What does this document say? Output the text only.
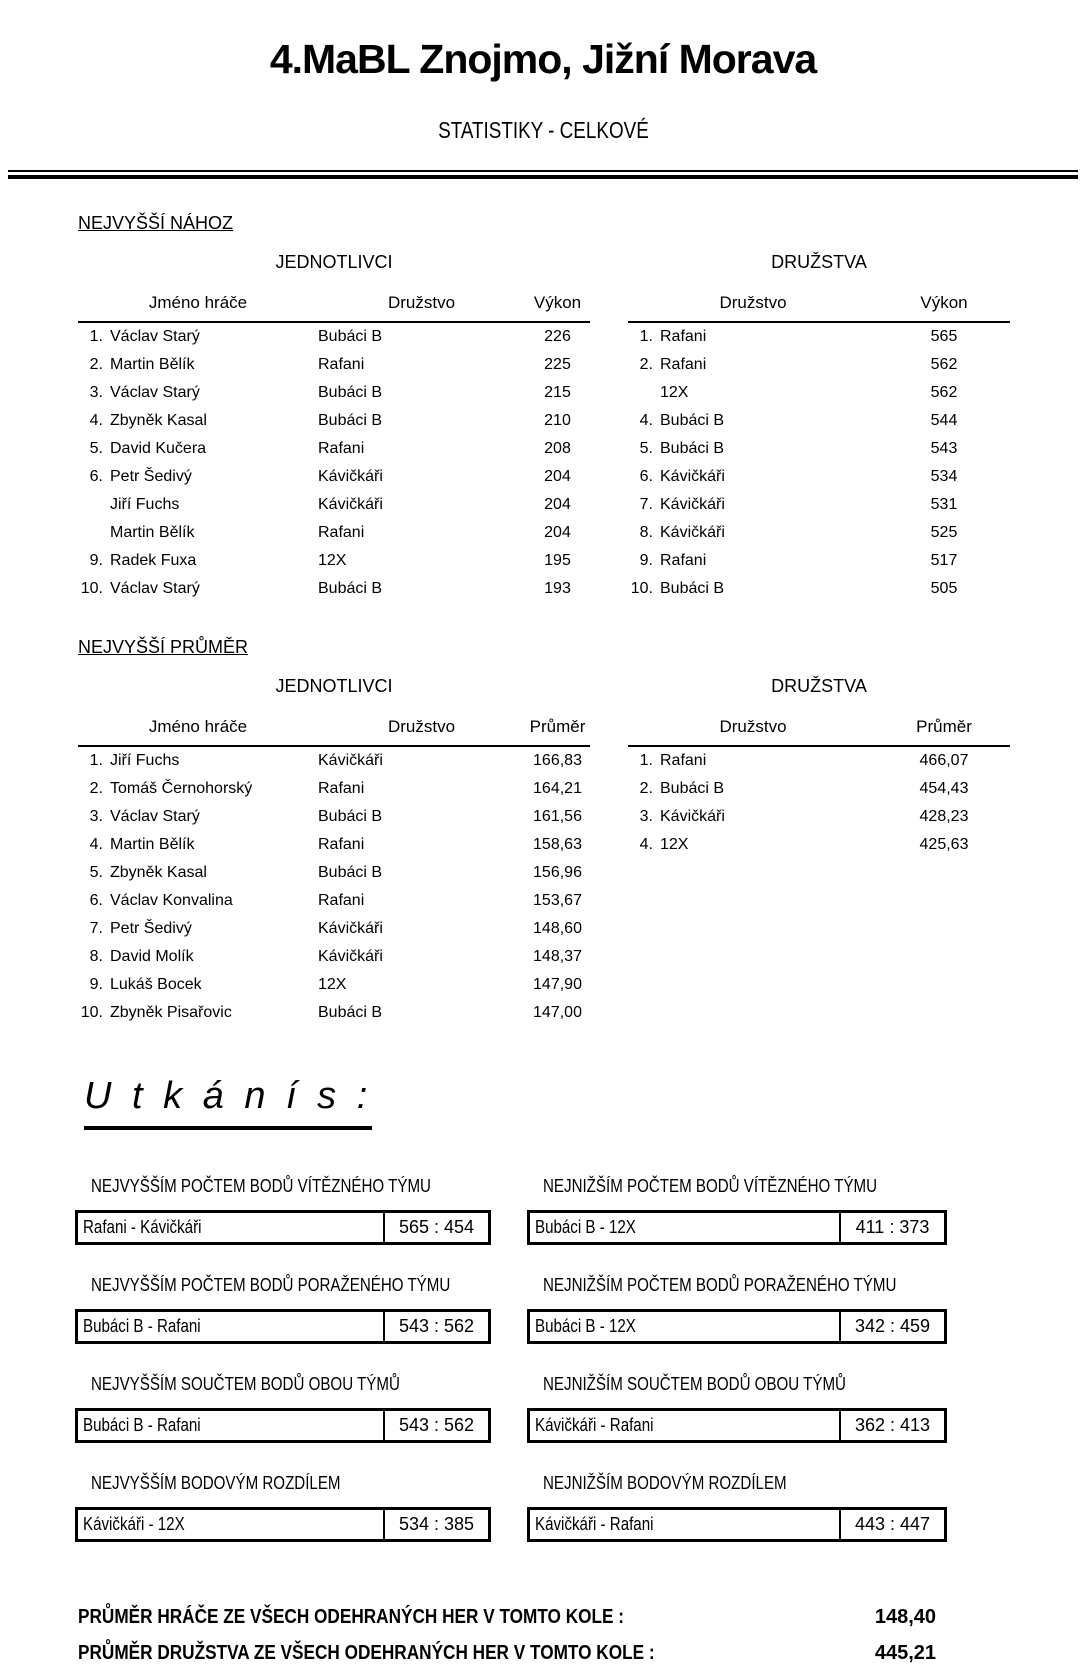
4.MaBL Znojmo, Jižní Morava
STATISTIKY - CELKOVÉ
NEJVYŠŠÍ NÁHOZ
JEDNOTLIVCI
Jméno hráče	Družstvo	Výkon
1. Václav Starý	Bubáci B	226
2. Martin Bělík	Rafani	225
3. Václav Starý	Bubáci B	215
4. Zbyněk Kasal	Bubáci B	210
5. David Kučera	Rafani	208
6. Petr Šedivý	Kávičkáři	204
Jiří Fuchs	Kávičkáři	204
Martin Bělík	Rafani	204
9. Radek Fuxa	12X	195
10. Václav Starý	Bubáci B	193
DRUŽSTVA
Družstvo	Výkon
1. Rafani	565
2. Rafani	562
12X	562
4. Bubáci B	544
5. Bubáci B	543
6. Kávičkáři	534
7. Kávičkáři	531
8. Kávičkáři	525
9. Rafani	517
10. Bubáci B	505
NEJVYŠŠÍ PRŮMĚR
JEDNOTLIVCI
Jméno hráče	Družstvo	Průměr
1. Jiří Fuchs	Kávičkáři	166,83
2. Tomáš Černohorský	Rafani	164,21
3. Václav Starý	Bubáci B	161,56
4. Martin Bělík	Rafani	158,63
5. Zbyněk Kasal	Bubáci B	156,96
6. Václav Konvalina	Rafani	153,67
7. Petr Šedivý	Kávičkáři	148,60
8. David Molík	Kávičkáři	148,37
9. Lukáš Bocek	12X	147,90
10. Zbyněk Pisařovic	Bubáci B	147,00
DRUŽSTVA
Družstvo	Průměr
1. Rafani	466,07
2. Bubáci B	454,43
3. Kávičkáři	428,23
4. 12X	425,63
U t k á n í s :
NEJVYŠŠÍM POČTEM BODŮ VÍTĚZNÉHO TÝMU
Rafani - Kávičkáři	565 : 454
NEJNIŽŠÍM POČTEM BODŮ VÍTĚZNÉHO TÝMU
Bubáci B - 12X	411 : 373
NEJVYŠŠÍM POČTEM BODŮ PORAŽENÉHO TÝMU
Bubáci B - Rafani	543 : 562
NEJNIŽŠÍM POČTEM BODŮ PORAŽENÉHO TÝMU
Bubáci B - 12X	342 : 459
NEJVYŠŠÍM SOUČTEM BODŮ OBOU TÝMŮ
Bubáci B - Rafani	543 : 562
NEJNIŽŠÍM SOUČTEM BODŮ OBOU TÝMŮ
Kávičkáři - Rafani	362 : 413
NEJVYŠŠÍM BODOVÝM ROZDÍLEM
Kávičkáři - 12X	534 : 385
NEJNIŽŠÍM BODOVÝM ROZDÍLEM
Kávičkáři - Rafani	443 : 447
PRŮMĚR HRÁČE ZE VŠECH ODEHRANÝCH HER V TOMTO KOLE :	148,40
PRŮMĚR DRUŽSTVA ZE VŠECH ODEHRANÝCH HER V TOMTO KOLE :	445,21
